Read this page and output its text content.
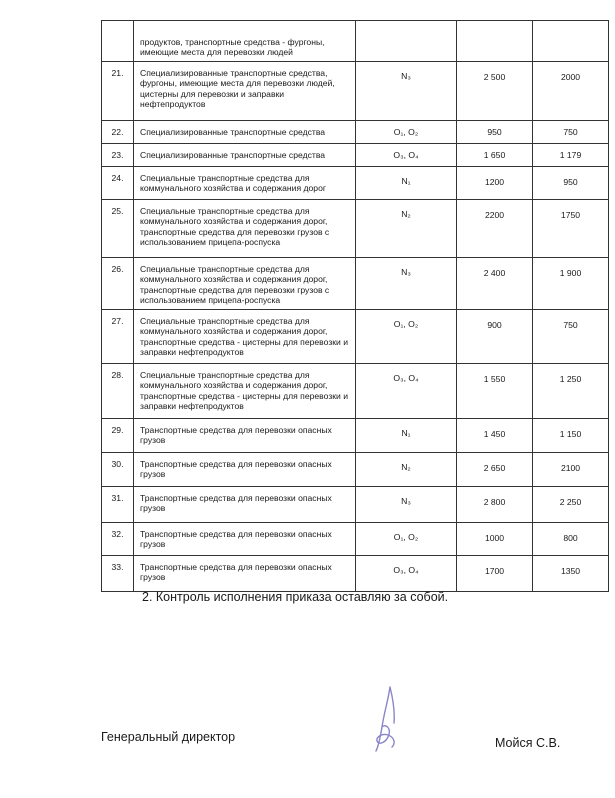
	продуктов, транспортные средства - фургоны, имеющие места для перевозки людей			
21.	Специализированные транспортные средства, фургоны, имеющие места для перевозки людей, цистерны для перевозки и заправки нефтепродуктов	N₃	2 500	2000
22.	Специализированные транспортные средства	O₁, O₂	950	750
23.	Специализированные транспортные средства	O₃, O₄	1 650	1 179
24.	Специальные транспортные средства для коммунального хозяйства и содержания дорог	N₁	1200	950
25.	Специальные транспортные средства для коммунального хозяйства и содержания дорог, транспортные средства для перевозки грузов с использованием прицепа-роспуска	N₂	2200	1750
26.	Специальные транспортные средства для коммунального хозяйства и содержания дорог, транспортные средства для перевозки грузов с использованием прицепа-роспуска	N₃	2 400	1 900
27.	Специальные транспортные средства для коммунального хозяйства и содержания дорог, транспортные средства - цистерны для перевозки и заправки нефтепродуктов	O₁, O₂	900	750
28.	Специальные транспортные средства для коммунального хозяйства и содержания дорог, транспортные средства - цистерны для перевозки и заправки нефтепродуктов	O₃, O₄	1 550	1 250
29.	Транспортные средства для перевозки опасных грузов	N₁	1 450	1 150
30.	Транспортные средства для перевозки опасных грузов	N₂	2 650	2100
31.	Транспортные средства для перевозки опасных грузов	N₃	2 800	2 250
32.	Транспортные средства для перевозки опасных грузов	O₁, O₂	1000	800
33.	Транспортные средства для перевозки опасных грузов	O₃, O₄	1700	1350
2. Контроль исполнения приказа оставляю за собой.
Генеральный директор	Мойся С.В.
